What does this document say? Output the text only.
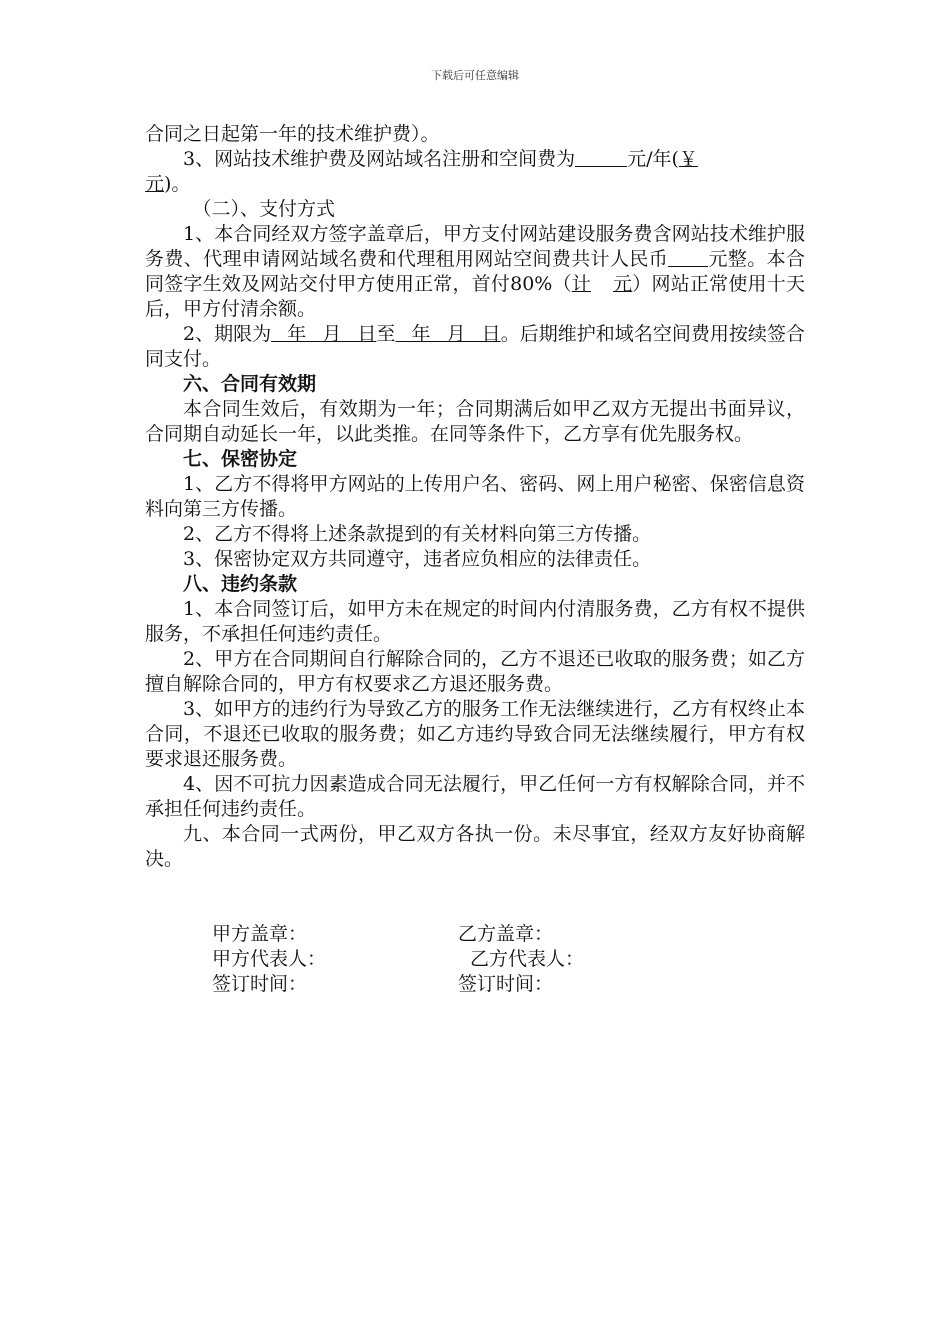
下载后可任意编辑

合同之日起第一年的技术维护费）。

3、网站技术维护费及网站域名注册和空间费为	元/年(￥
元)。

（二）、支付方式

1、本合同经双方签字盖章后，甲方支付网站建设服务费含网站技术维护服务费、代理申请网站域名费和代理租用网站空间费共计人民币 元整。本合同签字生效及网站交付甲方使用正常，首付80%（计 元）网站正常使用十天后，甲方付清余额。

2、期限为 年 月 日至 年 月 日。后期维护和域名空间费用按续签合同支付。

六、合同有效期

本合同生效后，有效期为一年；合同期满后如甲乙双方无提出书面异议，合同期自动延长一年，以此类推。在同等条件下，乙方享有优先服务权。

七、保密协定

1、乙方不得将甲方网站的上传用户名、密码、网上用户秘密、保密信息资料向第三方传播。

2、乙方不得将上述条款提到的有关材料向第三方传播。

3、保密协定双方共同遵守，违者应负相应的法律责任。

八、违约条款

1、本合同签订后，如甲方未在规定的时间内付清服务费，乙方有权不提供服务，不承担任何违约责任。

2、甲方在合同期间自行解除合同的，乙方不退还已收取的服务费；如乙方擅自解除合同的，甲方有权要求乙方退还服务费。

3、如甲方的违约行为导致乙方的服务工作无法继续进行，乙方有权终止本合同，不退还已收取的服务费；如乙方违约导致合同无法继续履行，甲方有权要求退还服务费。

4、因不可抗力因素造成合同无法履行，甲乙任何一方有权解除合同，并不承担任何违约责任。

九、本合同一式两份，甲乙双方各执一份。未尽事宜，经双方友好协商解决。

甲方盖章：	乙方盖章：
甲方代表人：	乙方代表人：
签订时间：	签订时间：
